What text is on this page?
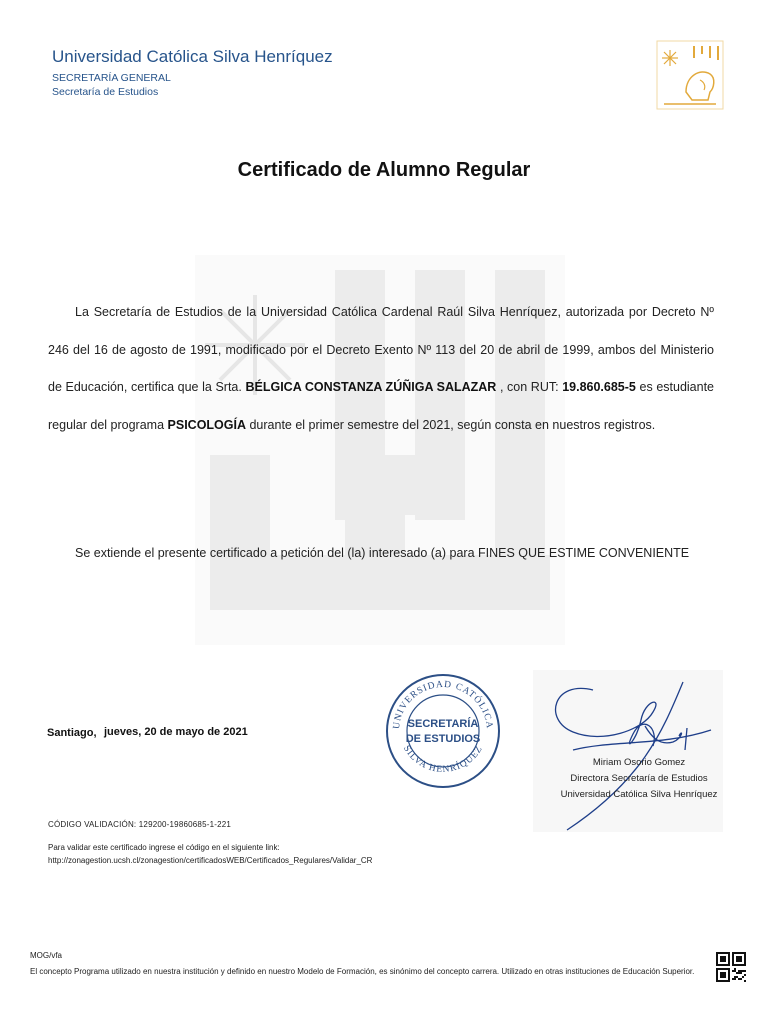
Universidad Católica Silva Henríquez
SECRETARÍA GENERAL
Secretaría de Estudios
Certificado de Alumno Regular
La Secretaría de Estudios de la Universidad Católica Cardenal Raúl Silva Henríquez, autorizada por Decreto Nº 246 del 16 de agosto de 1991, modificado por el Decreto Exento Nº 113 del 20 de abril de 1999, ambos del Ministerio de Educación, certifica que la Srta. BÉLGICA CONSTANZA ZÚÑIGA SALAZAR , con RUT: 19.860.685-5 es estudiante regular del programa PSICOLOGÍA durante el primer semestre del 2021, según consta en nuestros registros.
Se extiende el presente certificado a petición del (la) interesado (a) para FINES QUE ESTIME CONVENIENTE
Santiago, jueves, 20 de mayo de 2021
UNIVERSIDAD CATÓLICA
SILVA HENRÍQUEZ
SECRETARÍA
DE ESTUDIOS
Miriam Osorio Gomez
Directora Secretaría de Estudios
Universidad Católica Silva Henríquez
CÓDIGO VALIDACIÓN: 129200-19860685-1-221
Para validar este certificado ingrese el código en el siguiente link:
http://zonagestion.ucsh.cl/zonagestion/certificadosWEB/Certificados_Regulares/Validar_CR
MOG/vfa
El concepto Programa utilizado en nuestra institución y definido en nuestro Modelo de Formación, es sinónimo del concepto carrera. Utilizado en otras instituciones de Educación Superior.
